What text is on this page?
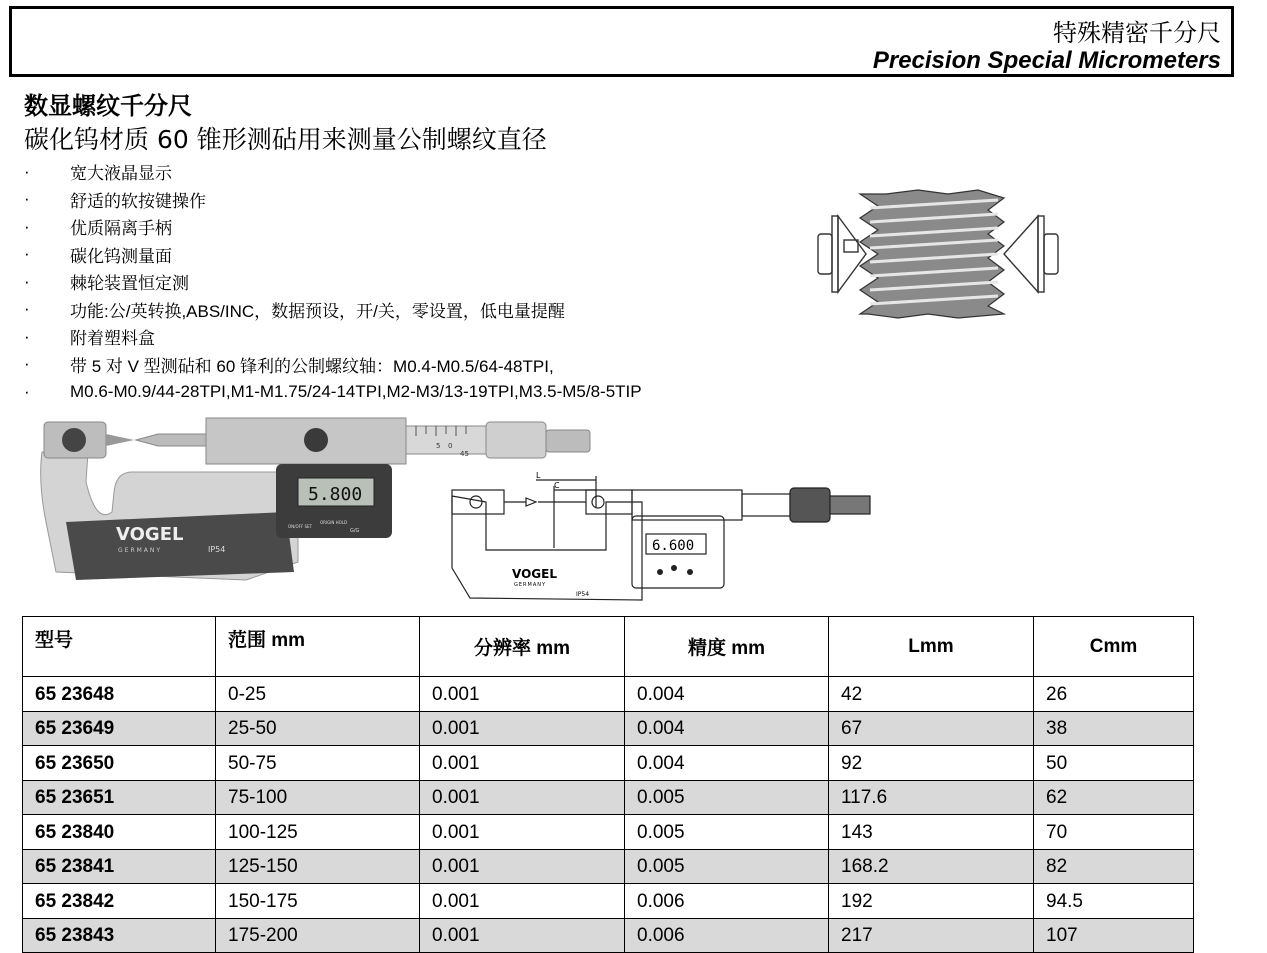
特殊精密千分尺
Precision Special Micrometers
数显螺纹千分尺
碳化钨材质 60 锥形测砧用来测量公制螺纹直径
·	宽大液晶显示
·	舒适的软按键操作
·	优质隔离手柄
·	碳化钨测量面
·	棘轮装置恒定测
·	功能:公/英转换,ABS/INC，数据预设，开/关，零设置，低电量提醒
·	附着塑料盒
·	带 5 对 V 型测砧和 60 锋利的公制螺纹轴：M0.4-M0.5/64-48TPI,
·	M0.6-M0.9/44-28TPI,M1-M1.75/24-14TPI,M2-M3/13-19TPI,M3.5-M5/8-5TIP
VOGEL
GERMANY	IP54
5.800
ON/OFF SET
ORIGIN HOLD
G/G
5 0
45
L
C
6.600
VOGEL
GERMANY
IP54
型号	范围 mm	分辨率 mm	精度 mm	Lmm	Cmm
65 23648	0-25	0.001	0.004	42	26
65 23649	25-50	0.001	0.004	67	38
65 23650	50-75	0.001	0.004	92	50
65 23651	75-100	0.001	0.005	117.6	62
65 23840	100-125	0.001	0.005	143	70
65 23841	125-150	0.001	0.005	168.2	82
65 23842	150-175	0.001	0.006	192	94.5
65 23843	175-200	0.001	0.006	217	107
